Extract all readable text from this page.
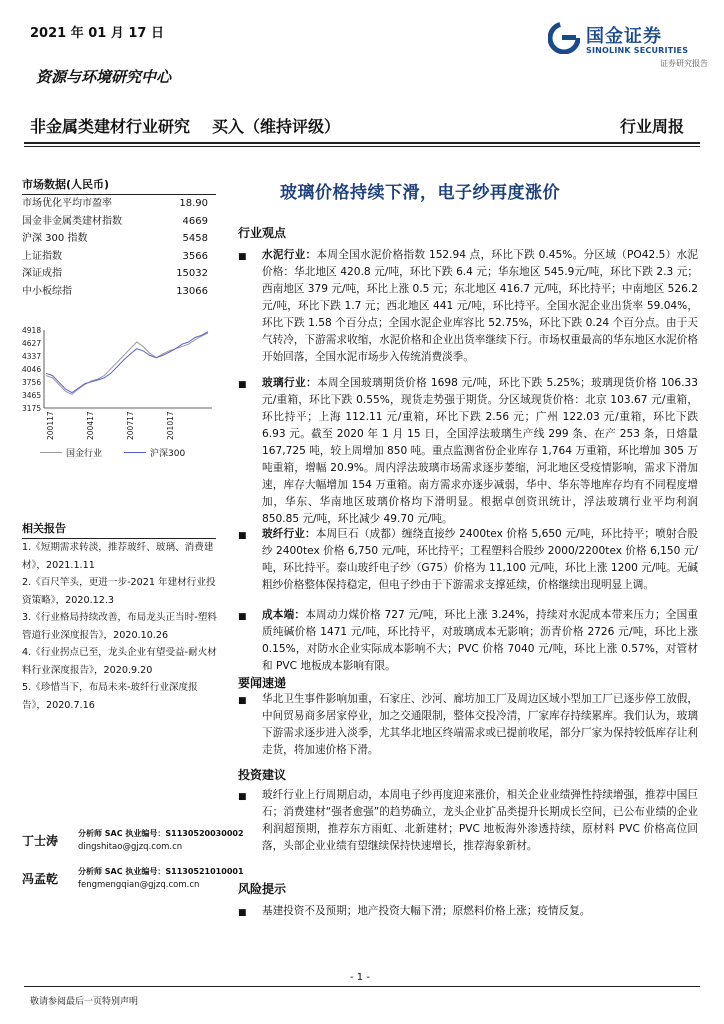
2021 年 01 月 17 日	国金证券
SINOLINK SECURITIES
证券研究报告
资源与环境研究中心
非金属类建材行业研究 买入（维持评级）	行业周报
市场数据(人民币)
市场优化平均市盈率	18.90
国金非金属类建材指数	4669
沪深 300 指数	5458
上证指数	3566
深证成指	15032
中小板综指	13066
4918
4627
4337
4046
3756
3465
3175
200117	200417	200717	201017
国金行业	沪深300
相关报告
1.《短期需求转淡，推荐玻纤、玻璃、消费建材》，2021.1.11
2.《百尺竿头，更进一步-2021 年建材行业投资策略》，2020.12.3
3.《行业格局持续改善，布局龙头正当时-塑料管道行业深度报告》，2020.10.26
4.《行业拐点已至，龙头企业有望受益-耐火材料行业深度报告》，2020.9.20
5.《珍惜当下，布局未来-玻纤行业深度报告》，2020.7.16
丁士涛
分析师 SAC 执业编号：S1130520030002
dingshitao@gjzq.com.cn
冯孟乾
分析师 SAC 执业编号：S1130521010001
fengmengqian@gjzq.com.cn
玻璃价格持续下滑，电子纱再度涨价
行业观点
■ 水泥行业：本周全国水泥价格指数 152.94 点，环比下跌 0.45%。分区域（PO42.5）水泥价格：华北地区 420.8 元/吨，环比下跌 6.4 元；华东地区 545.9元/吨，环比下跌 2.3 元；西南地区 379 元/吨，环比上涨 0.5 元；东北地区 416.7 元/吨，环比持平；中南地区 526.2 元/吨，环比下跌 1.7 元；西北地区 441 元/吨，环比持平。全国水泥企业出货率 59.04%，环比下跌 1.58 个百分点；全国水泥企业库容比 52.75%，环比下跌 0.24 个百分点。由于天气转冷，下游需求收缩，水泥价格和企业出货率继续下行。市场权重最高的华东地区水泥价格开始回落，全国水泥市场步入传统消费淡季。
■ 玻璃行业：本周全国玻璃期货价格 1698 元/吨，环比下跌 5.25%；玻璃现货价格 106.33 元/重箱，环比下跌 0.55%，现货走势强于期货。分区域现货价格：北京 103.67 元/重箱，环比持平；上海 112.11 元/重箱，环比下跌 2.56 元；广州 122.03 元/重箱，环比下跌 6.93 元。截至 2020 年 1 月 15 日，全国浮法玻璃生产线 299 条、在产 253 条，日熔量 167,725 吨，较上周增加 850 吨。重点监测省份企业库存 1,764 万重箱，环比增加 305 万吨重箱，增幅 20.9%。周内浮法玻璃市场需求逐步萎缩，河北地区受疫情影响，需求下滑加速，库存大幅增加 154 万重箱。南方需求亦逐步减弱，华中、华东等地库存均有不同程度增加，华东、华南地区玻璃价格均下滑明显。根据卓创资讯统计，浮法玻璃行业平均利润 850.85 元/吨，环比减少 49.70 元/吨。
■ 玻纤行业：本周巨石（成都）缠绕直接纱 2400tex 价格 5,650 元/吨，环比持平；喷射合股纱 2400tex 价格 6,750 元/吨，环比持平；工程塑料合股纱 2000/2200tex 价格 6,150 元/吨，环比持平。泰山玻纤电子纱（G75）价格为 11,100 元/吨，环比上涨 1200 元/吨。无碱粗纱价格整体保持稳定，但电子纱由于下游需求支撑延续，价格继续出现明显上调。
■ 成本端：本周动力煤价格 727 元/吨，环比上涨 3.24%，持续对水泥成本带来压力；全国重质纯碱价格 1471 元/吨，环比持平，对玻璃成本无影响；沥青价格 2726 元/吨，环比上涨 0.15%，对防水企业实际成本影响不大；PVC 价格 7040 元/吨，环比上涨 0.57%，对管材和 PVC 地板成本影响有限。
要闻速递
■ 华北卫生事件影响加重，石家庄、沙河、廊坊加工厂及周边区域小型加工厂已逐步停工放假，中间贸易商多居家停业，加之交通限制，整体交投冷清，厂家库存持续累库。我们认为，玻璃下游需求逐步进入淡季，尤其华北地区终端需求或已提前收尾，部分厂家为保持较低库存让利走货，将加速价格下滑。
投资建议
■ 玻纤行业上行周期启动，本周电子纱再度迎来涨价，相关企业业绩弹性持续增强，推荐中国巨石；消费建材“强者愈强”的趋势确立，龙头企业扩品类提升长期成长空间，已公布业绩的企业利润超预期，推荐东方雨虹、北新建材；PVC 地板海外渗透持续，原材料 PVC 价格高位回落，头部企业业绩有望继续保持快速增长，推荐海象新材。
风险提示
■ 基建投资不及预期；地产投资大幅下滑；原燃料价格上涨；疫情反复。
- 1 -
敬请参阅最后一页特别声明
